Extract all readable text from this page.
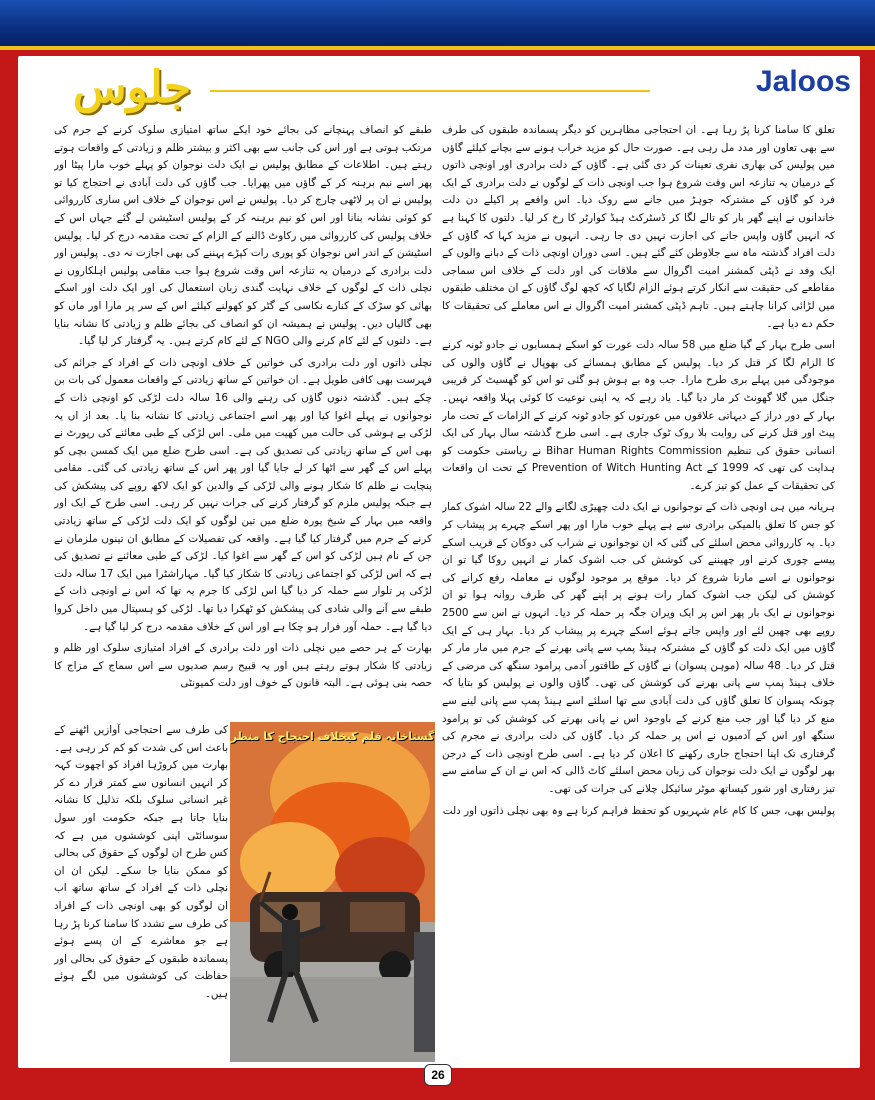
جلوس	Jaloos

تعلق کا سامنا کرنا پڑ رہا ہے۔ ان احتجاجی مظاہرین کو دیگر پسماندہ طبقوں کی طرف سے بھی تعاون اور مدد مل رہی ہے۔ صورت حال کو مزید خراب ہونے سے بچانے کیلئے گاؤں میں پولیس کی بھاری نفری تعینات کر دی گئی ہے۔ گاؤں کے دلت برادری اور اونچی ذاتوں کے درمیان یہ تنازعہ اس وقت شروع ہوا جب اونچی ذات کے لوگوں نے دلت برادری کے ایک فرد کو گاؤں کے مشترکہ جوہڑ میں جانے سے روک دیا۔ اس واقعے پر اکیلے دن دلت خاندانوں نے اپنے گھر بار کو تالے لگا کر ڈسٹرکٹ ہیڈ کوارٹر کا رخ کر لیا۔ دلتوں کا کہنا ہے کہ انہیں گاؤں واپس جانے کی اجازت نہیں دی جا رہی۔ انہوں نے مزید کہا کہ گاؤں کے دلت افراد گذشتہ ماہ سے جلاوطن کئے گئے ہیں۔ اسی دوران اونچی ذات کے دبانے والوں کے ایک وفد نے ڈپٹی کمشنر امیت اگروال سے ملاقات کی اور دلت کے خلاف اس سماجی مقاطعے کی حقیقت سے انکار کرتے ہوئے الزام لگایا کہ کچھ لوگ گاؤں کے ان مختلف طبقوں میں لڑائی کرانا چاہتے ہیں۔ تاہم ڈپٹی کمشنر امیت اگروال نے اس معاملے کی تحقیقات کا حکم دے دیا ہے۔

اسی طرح بہار کے گیا ضلع میں 58 سالہ دلت عورت کو اسکے ہمسایوں نے جادو ٹونہ کرنے کا الزام لگا کر قتل کر دیا۔ پولیس کے مطابق ہمسائے کی بھوپال نے گاؤں والوں کی موجودگی میں پہلے بری طرح مارا۔ جب وہ بے ہوش ہو گئی تو اس کو گھسیٹ کر قریبی جنگل میں گلا گھونٹ کر مار دیا گیا۔ یاد رہے کہ یہ اپنی نوعیت کا کوئی پہلا واقعہ نہیں۔ بہار کے دور دراز کے دیہاتی علاقوں میں عورتوں کو جادو ٹونہ کرنے کے الزامات کے تحت مار پیٹ اور قتل کرنے کی روایت بلا روک ٹوک جاری ہے۔ اسی طرح گذشتہ سال بہار کی ایک انسانی حقوق کی تنظیم Bihar Human Rights Commission نے ریاستی حکومت کو ہدایت کی تھی کہ 1999 کے Prevention of Witch Hunting Act کے تحت ان واقعات کی تحقیقات کے عمل کو تیز کرے۔

ہریانہ میں ہی اونچی ذات کے نوجوانوں نے ایک دلت چھیڑی لگانے والے 22 سالہ اشوک کمار کو جس کا تعلق بالمیکی برادری سے ہے پہلے خوب مارا اور پھر اسکے چہرے پر پیشاب کر دیا۔ یہ کارروائی محض اسلئے کی گئی کہ ان نوجوانوں نے شراب کی دوکان کے قریب اسکے پیسے چوری کرنے اور چھیننے کی کوشش کی جب اشوک کمار نے انہیں روکا گیا تو ان نوجوانوں نے اسے مارنا شروع کر دیا۔ موقع پر موجود لوگوں نے معاملہ رفع کرانے کی کوشش کی لیکن جب اشوک کمار رات ہونے پر اپنے گھر کی طرف روانہ ہوا تو ان نوجوانوں نے ایک بار پھر اس پر ایک ویران جگہ پر حملہ کر دیا۔ انہوں نے اس سے 2500 روپے بھی چھین لئے اور واپس جاتے ہوئے اسکے چہرے پر پیشاب کر دیا۔ بہار ہی کے ایک گاؤں میں ایک دلت کو گاؤں کے مشترکہ ہینڈ پمپ سے پانی بھرنے کے جرم میں مار مار کر قتل کر دیا۔ 48 سالہ (موہن پسوان) نے گاؤں کے طاقتور آدمی پرامود سنگھ کی مرضی کے خلاف ہینڈ پمپ سے پانی بھرنے کی کوشش کی تھی۔ گاؤں والوں نے پولیس کو بتایا کہ چونکہ پسوان کا تعلق گاؤں کی دلت آبادی سے تھا اسلئے اسے ہینڈ پمپ سے پانی لینے سے منع کر دیا گیا اور جب منع کرنے کے باوجود اس نے پانی بھرنے کی کوشش کی تو پرامود سنگھ اور اس کے آدمیوں نے اس پر حملہ کر دیا۔ گاؤں کی دلت برادری نے مجرم کی گرفتاری تک اپنا احتجاج جاری رکھنے کا اعلان کر دیا ہے۔ اسی طرح اونچی ذات کے درجن بھر لوگوں نے ایک دلت نوجوان کی زبان محض اسلئے کاٹ ڈالی کہ اس نے ان کے سامنے سے تیز رفتاری اور شور کیساتھ موٹر سائیکل چلانے کی جرات کی تھی۔

پولیس بھی، جس کا کام عام شہریوں کو تحفظ فراہم کرنا ہے وہ بھی نچلی ذاتوں اور دلت

طبقے کو انصاف پہنچانے کی بجائے خود ایکے ساتھ امتیازی سلوک کرنے کے جرم کی مرتکب ہوتی ہے اور اس کی جانب سے بھی اکثر و بیشتر ظلم و زیادتی کے واقعات ہوتے رہتے ہیں۔ اطلاعات کے مطابق پولیس نے ایک دلت نوجوان کو پہلے خوب مارا پیٹا اور پھر اسے نیم برہنہ کر کے گاؤں میں پھرایا۔ جب گاؤں کی دلت آبادی نے احتجاج کیا تو پولیس نے ان پر لاٹھی چارج کر دیا۔ پولیس نے اس نوجوان کے خلاف اس ساری کارروائی کو کوئی نشانہ بنانا اور اس کو نیم برہنہ کر کے پولیس اسٹیشن لے گئے جہاں اس کے خلاف پولیس کی کارروائی میں رکاوٹ ڈالنے کے الزام کے تحت مقدمہ درج کر لیا۔ پولیس اسٹیشن کے اندر اس نوجوان کو پوری رات کپڑے پہننے کی بھی اجازت نہ دی۔ پولیس اور دلت برادری کے درمیان یہ تنازعہ اس وقت شروع ہوا جب مقامی پولیس اہلکاروں نے نچلی ذات کے لوگوں کے خلاف نہایت گندی زبان استعمال کی اور ایک دلت اور اسکے بھائی کو سڑک کے کنارے نکاسی کے گٹر کو کھولنے کیلئے اس کے سر پر مارا اور ماں کو بھی گالیاں دیں۔ پولیس نے ہمیشہ ان کو انصاف کی بجائے ظلم و زیادتی کا نشانہ بنایا ہے۔ دلتوں کے لئے کام کرنے والی NGO کے لئے کام کرتے ہیں۔ یہ گرفتار کر لیا گیا۔

نچلی ذاتوں اور دلت برادری کی خواتین کے خلاف اونچی ذات کے افراد کے جرائم کی فہرست بھی کافی طویل ہے۔ ان خواتین کے ساتھ زیادتی کے واقعات معمول کی بات بن چکے ہیں۔ گذشتہ دنوں گاؤں کی رہنے والی 16 سالہ دلت لڑکی کو اونچی ذات کے نوجوانوں نے پہلے اغوا کیا اور پھر اسے اجتماعی زیادتی کا نشانہ بنا یا۔ بعد از اں یہ لڑکی بے ہوشی کی حالت میں کھیت میں ملی۔ اس لڑکی کے طبی معائنے کی رپورٹ نے بھی اس کے ساتھ زیادتی کی تصدیق کی ہے۔ اسی طرح ضلع میں ایک کمسن بچی کو پہلے اس کے گھر سے اٹھا کر لے جایا گیا اور پھر اس کے ساتھ زیادتی کی گئی۔ مقامی پنچایت نے ظلم کا شکار ہونے والی لڑکی کے والدین کو ایک لاکھ روپے کی پیشکش کی ہے جبکہ پولیس ملزم کو گرفتار کرنے کی جرات نہیں کر رہی۔ اسی طرح کے ایک اور واقعہ میں بہار کے شیخ پورہ ضلع میں تین لوگوں کو ایک دلت لڑکی کے ساتھ زیادتی کرنے کے جرم میں گرفتار کیا گیا ہے۔ واقعہ کی تفصیلات کے مطابق ان تینوں ملزمان نے جن کے نام ہیں لڑکی کو اس کے گھر سے اغوا کیا۔ لڑکی کے طبی معائنے نے تصدیق کی ہے کہ اس لڑکی کو اجتماعی زیادتی کا شکار کیا گیا۔ مہاراشٹرا میں ایک 17 سالہ دلت لڑکی پر تلوار سے حملہ کر دیا گیا اس لڑکی کا جرم یہ تھا کہ اس نے اونچی ذات کے طبقے سے آنے والی شادی کی پیشکش کو ٹھکرا دیا تھا۔ لڑکی کو ہسپتال میں داخل کروا دیا گیا ہے۔ حملہ آور فرار ہو چکا ہے اور اس کے خلاف مقدمہ درج کر لیا گیا ہے۔

بھارت کے ہر حصے میں نچلی ذات اور دلت برادری کے افراد امتیازی سلوک اور ظلم و زیادتی کا شکار ہوتے رہتے ہیں اور یہ قبیح رسم صدیوں سے اس سماج کے مزاج کا حصہ بنی ہوئی ہے۔ البتہ قانون کے خوف اور دلت کمیونٹی

کی طرف سے احتجاجی آوازیں اٹھنے کے باعث اس کی شدت کو کم کر رہی ہے۔ بھارت میں کروڑہا افراد کو اچھوت کہہ کر انہیں انسانوں سے کمتر قرار دے کر غیر انسانی سلوک بلکہ تذلیل کا نشانہ بنایا جاتا ہے جبکہ حکومت اور سول سوسائٹی اپنی کوششوں میں ہے کہ کس طرح ان لوگوں کے حقوق کی بحالی کو ممکن بنایا جا سکے۔ لیکن ان ان نچلی ذات کے افراد کے ساتھ ساتھ اب ان لوگوں کو بھی اونچی ذات کے افراد کی طرف سے تشدد کا سامنا کرنا پڑ رہا ہے جو معاشرے کے ان پسے ہوئے پسماندہ طبقوں کے حقوق کی بحالی اور حفاظت کی کوششوں میں لگے ہوئے ہیں۔

گستاخانہ فلم کیخلاف احتجاج کا منظر
26
